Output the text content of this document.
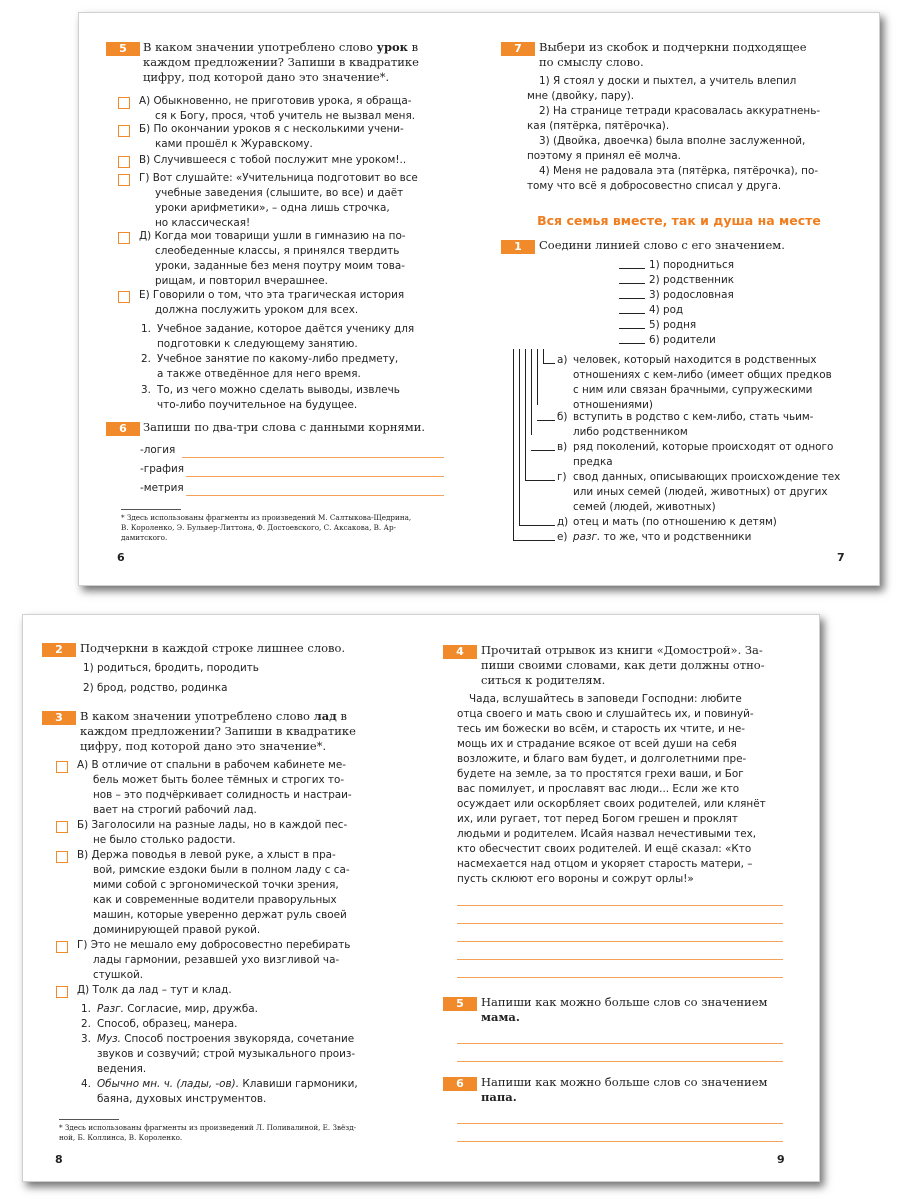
5	В каком значении употреблено слово урок в каждом предложении? Запиши в квадратике цифру, под которой дано это значение*.
А) Обыкновенно, не приготовив урока, я обраща-
ся к Богу, прося, чтоб учитель не вызвал меня.
Б) По окончании уроков я с несколькими учени-
ками прошёл к Журавскому.
В) Случившееся с тобой послужит мне уроком!..
Г) Вот слушайте: «Учительница подготовит во все
учебные заведения (слышите, во все) и даёт
уроки арифметики», – одна лишь строчка,
но классическая!
Д) Когда мои товарищи ушли в гимназию на по-
слеобеденные классы, я принялся твердить
уроки, заданные без меня поутру моим това-
рищам, и повторил вчерашнее.
Е) Говорили о том, что эта трагическая история
должна послужить уроком для всех.
1. Учебное задание, которое даётся ученику для
подготовки к следующему занятию.
2. Учебное занятие по какому-либо предмету,
а также отведённое для него время.
3. То, из чего можно сделать выводы, извлечь
что-либо поучительное на будущее.
6	Запиши по два-три слова с данными корнями.
-логия
-графия
-метрия
* Здесь использованы фрагменты из произведений М. Салтыкова-Щедрина,
В. Короленко, Э. Бульвер-Литтона, Ф. Достоевского, С. Аксакова, В. Ар-
дамитского.
6
7	Выбери из скобок и подчеркни подходящее
по смыслу слово.
1) Я стоял у доски и пыхтел, а учитель влепил
мне (двойку, пару).
2) На странице тетради красовалась аккуратнень-
кая (пятёрка, пятёрочка).
3) (Двойка, двоечка) была вполне заслуженной,
поэтому я принял её молча.
4) Меня не радовала эта (пятёрка, пятёрочка), по-
тому что всё я добросовестно списал у друга.
Вся семья вместе, так и душа на месте
1	Соедини линией слово с его значением.
1) породниться
2) родственник
3) родословная
4) род
5) родня
6) родители
а) человек, который находится в родственных
отношениях с кем-либо (имеет общих предков
с ним или связан брачными, супружескими
отношениями)
б) вступить в родство с кем-либо, стать чьим-
либо родственником
в) ряд поколений, которые происходят от одного
предка
г) свод данных, описывающих происхождение тех
или иных семей (людей, животных) от других
семей (людей, животных)
д) отец и мать (по отношению к детям)
е) разг. то же, что и родственники
7
2	Подчеркни в каждой строке лишнее слово.
1) родиться, бродить, породить
2) брод, родство, родинка
3	В каком значении употреблено слово лад в каждом предложении? Запиши в квадратике цифру, под которой дано это значение*.
А) В отличие от спальни в рабочем кабинете ме-
бель может быть более тёмных и строгих то-
нов – это подчёркивает солидность и настраи-
вает на строгий рабочий лад.
Б) Заголосили на разные лады, но в каждой пес-
не было столько радости.
В) Держа поводья в левой руке, а хлыст в пра-
вой, римские ездоки были в полном ладу с са-
мими собой с эргономической точки зрения,
как и современные водители праворульных
машин, которые уверенно держат руль своей
доминирующей правой рукой.
Г) Это не мешало ему добросовестно перебирать
лады гармонии, резавшей ухо визгливой ча-
стушкой.
Д) Толк да лад – тут и клад.
1. Разг. Согласие, мир, дружба.
2. Способ, образец, манера.
3. Муз. Способ построения звукоряда, сочетание
звуков и созвучий; строй музыкального произ-
ведения.
4. Обычно мн. ч. (лады, -ов). Клавиши гармоники,
баяна, духовых инструментов.
* Здесь использованы фрагменты из произведений Л. Поливалиной, Е. Звёзд-
ной, Б. Коллинса, В. Короленко.
8
4	Прочитай отрывок из книги «Домострой». За-
пиши своими словами, как дети должны отно-
ситься к родителям.
Чада, вслушайтесь в заповеди Господни: любите
отца своего и мать свою и слушайтесь их, и повинуй-
тесь им божески во всём, и старость их чтите, и не-
мощь их и страдание всякое от всей души на себя
возложите, и благо вам будет, и долголетними пре-
будете на земле, за то простятся грехи ваши, и Бог
вас помилует, и прославят вас люди... Если же кто
осуждает или оскорбляет своих родителей, или клянёт
их, или ругает, тот перед Богом грешен и проклят
людьми и родителем. Исайя назвал нечестивыми тех,
кто обесчестит своих родителей. И ещё сказал: «Кто
насмехается над отцом и укоряет старость матери, –
пусть склюют его вороны и сожрут орлы!»
5	Напиши как можно больше слов со значением
мама.
6	Напиши как можно больше слов со значением
папа.
9
